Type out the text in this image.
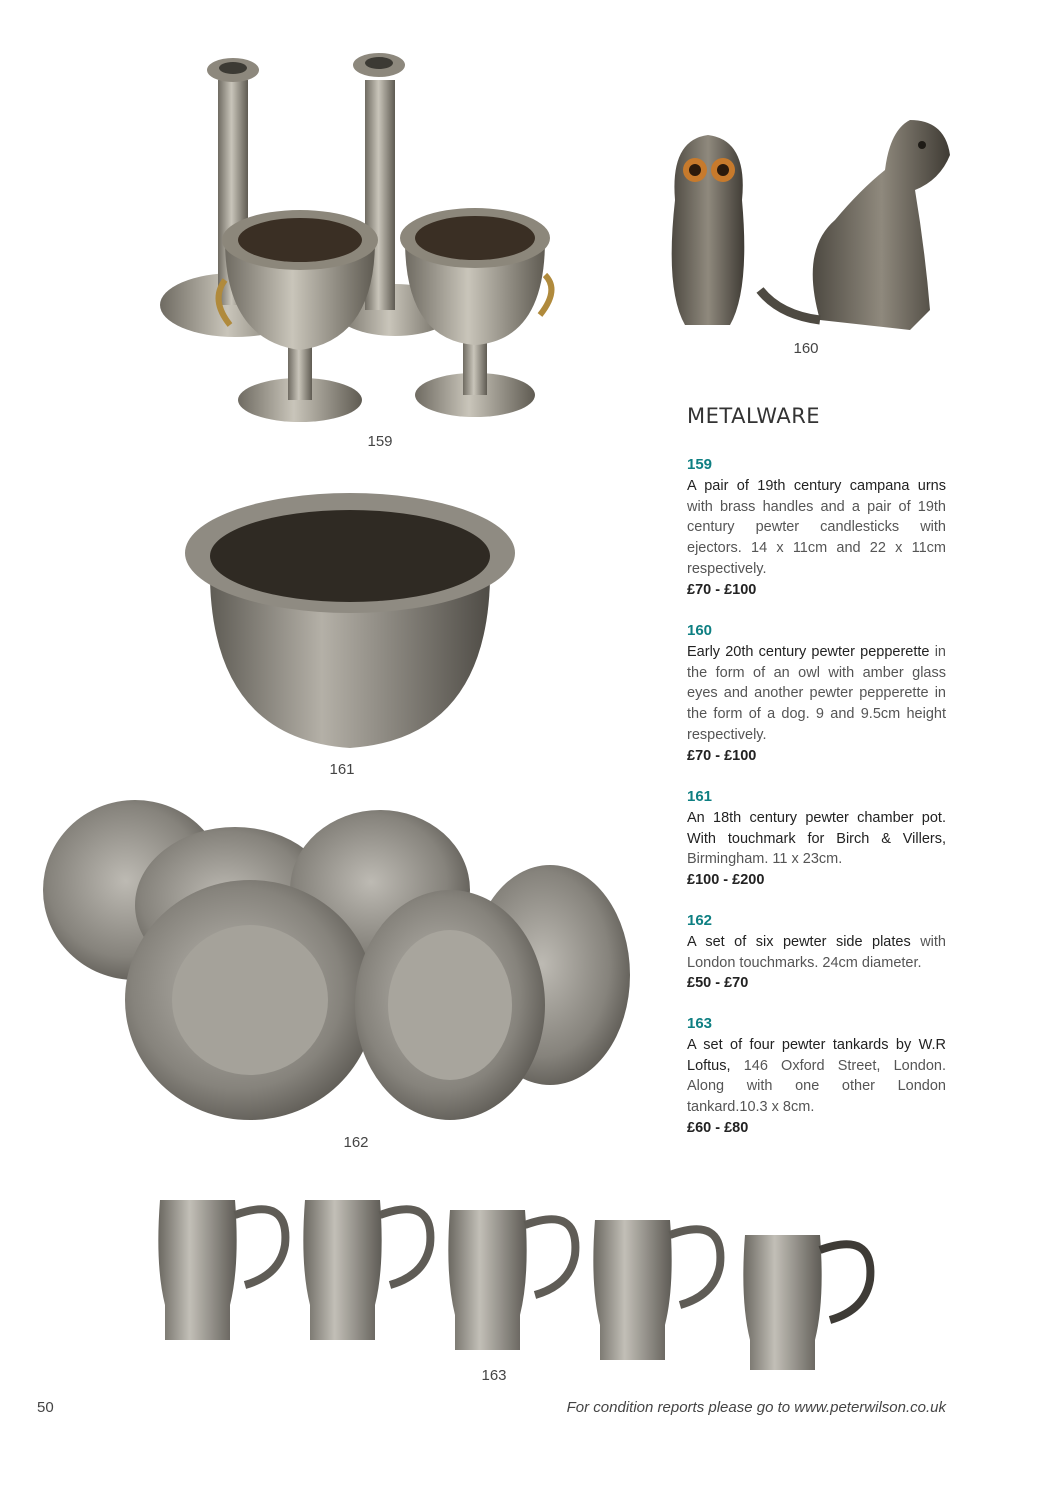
159
160
METALWARE
159
A pair of 19th century campana urns with brass handles and a pair of 19th century pewter candlesticks with ejectors. 14 x 11cm and 22 x 11cm respectively.
£70 - £100
160
Early 20th century pewter pepperette in the form of an owl with amber glass eyes and another pewter pepperette in the form of a dog. 9 and 9.5cm height respectively.
£70 - £100
161
An 18th century pewter chamber pot. With touchmark for Birch & Villers, Birmingham. 11 x 23cm.
£100 - £200
162
A set of six pewter side plates with London touchmarks. 24cm diameter.
£50 - £70
163
A set of four pewter tankards by W.R Loftus, 146 Oxford Street, London. Along with one other London tankard.10.3 x 8cm.
£60 - £80
161
162
163
50	For condition reports please go to www.peterwilson.co.uk
